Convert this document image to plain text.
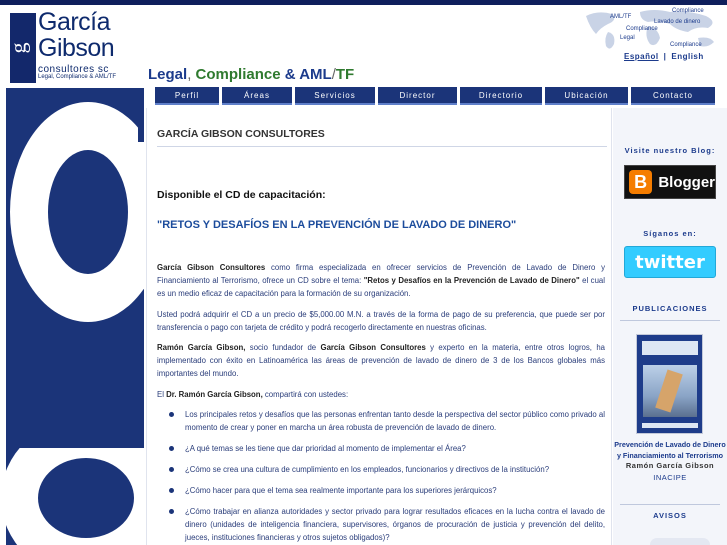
g
García
Gibson
consultores sc
Legal, Compliance & AML/TF Legal, Compliance & AML/TF
Compliance
AML/TF
Lavado de dinero
Compliance
Legal
Compliance
Español | English
Perfil	Áreas	Servicios	Director	Directorio	Ubicación	Contacto
GARCÍA GIBSON CONSULTORES
Disponible el CD de capacitación:
"RETOS Y DESAFÍOS EN LA PREVENCIÓN DE LAVADO DE DINERO"

García Gibson Consultores como firma especializada en ofrecer servicios de Prevención de Lavado de Dinero y Financiamiento al Terrorismo, ofrece un CD sobre el tema: "Retos y Desafíos en la Prevención de Lavado de Dinero" el cual es un medio eficaz de capacitación para la formación de su organización.

Usted podrá adquirir el CD a un precio de $5,000.00 M.N. a través de la forma de pago de su preferencia, que puede ser por transferencia o pago con tarjeta de crédito y podrá recogerlo directamente en nuestras oficinas.

Ramón García Gibson, socio fundador de García Gibson Consultores y experto en la materia, entre otros logros, ha implementado con éxito en Latinoamérica las áreas de prevención de lavado de dinero de 3 de los Bancos globales más importantes del mundo.

El Dr. Ramón García Gibson, compartirá con ustedes:

Los principales retos y desafíos que las personas enfrentan tanto desde la perspectiva del sector público como privado al momento de crear y poner en marcha un área robusta de prevención de lavado de dinero.
¿A qué temas se les tiene que dar prioridad al momento de implementar el Área?
¿Cómo se crea una cultura de cumplimiento en los empleados, funcionarios y directivos de la institución?
¿Cómo hacer para que el tema sea realmente importante para los superiores jerárquicos?
¿Cómo trabajar en alianza autoridades y sector privado para lograr resultados eficaces en la lucha contra el lavado de dinero (unidades de inteligencia financiera, supervisores, órganos de procuración de justicia y prevención del delito, jueces, instituciones financieras y otros sujetos obligados)?
Visite nuestro Blog:
B Blogger
Síganos en:
twitter
PUBLICACIONES
Prevención de Lavado de Dinero y Financiamiento al Terrorismo
Ramón García Gibson
INACIPE
AVISOS
